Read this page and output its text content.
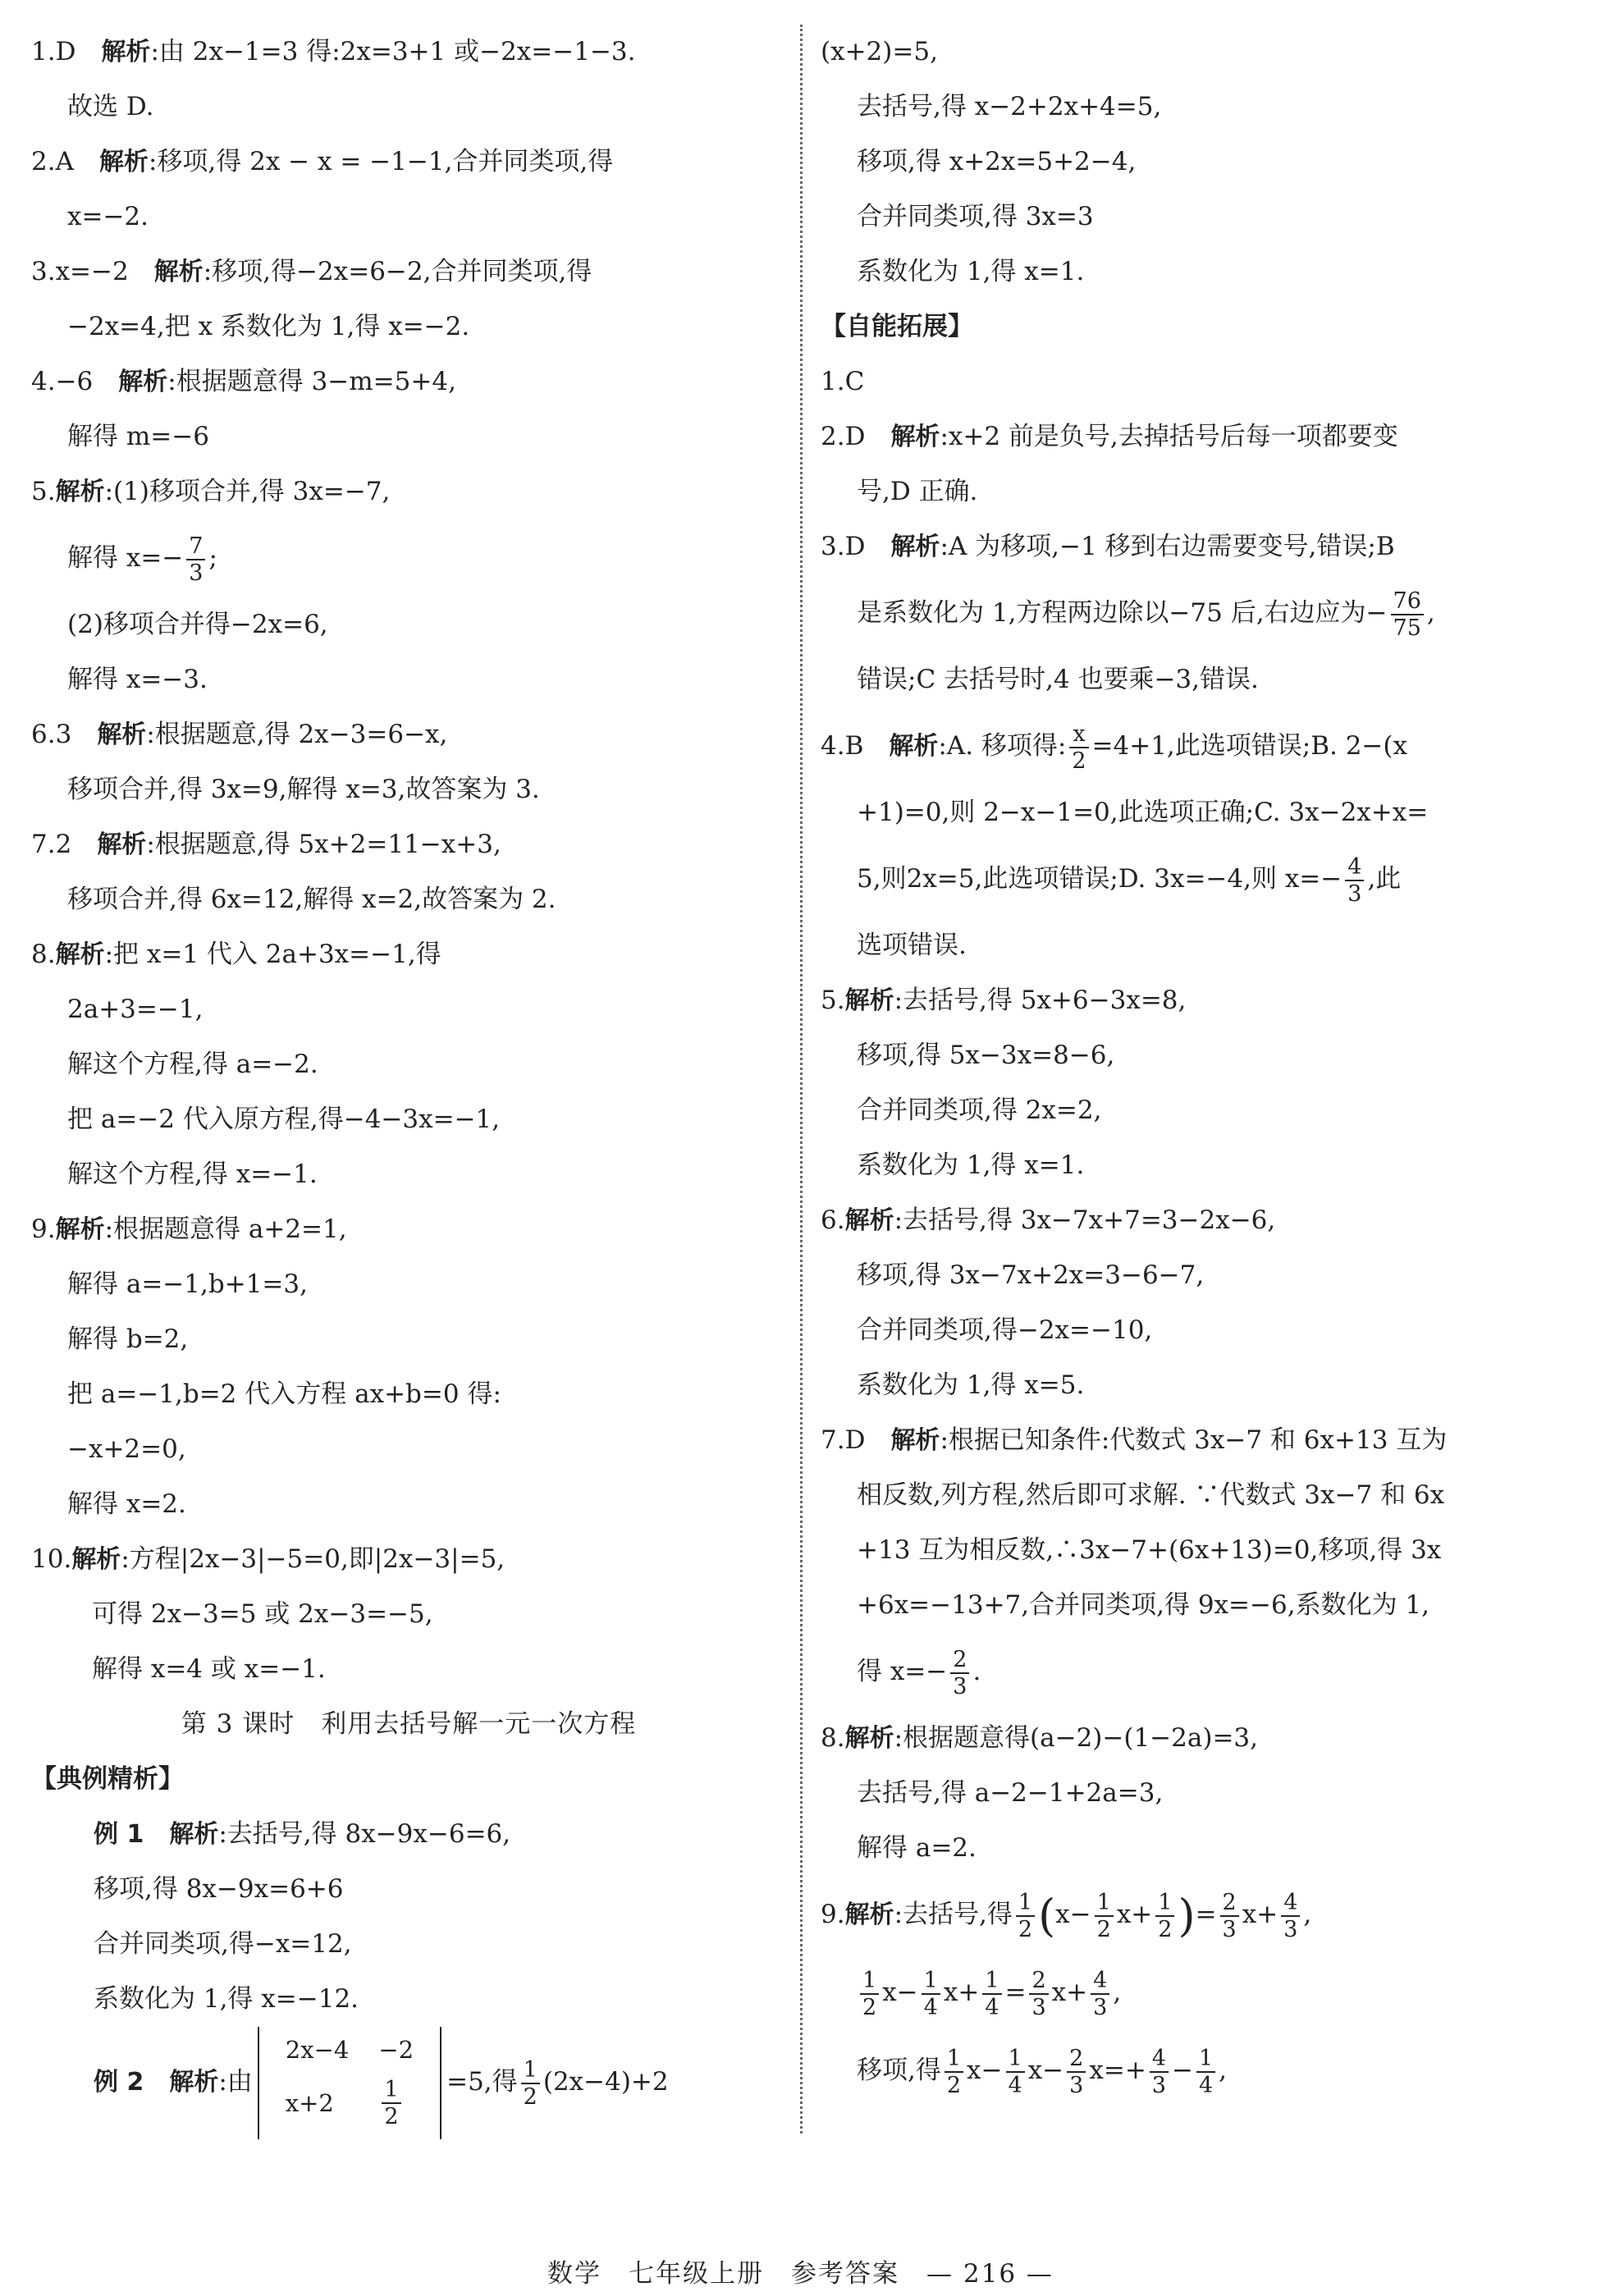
1.D　 解析:由 2x−1=3 得:2x=3+1 或−2x=−1−3.
故选 D.
2.A　 解析:移项,得 2x − x = −1−1,合并同类项,得
x=−2.
3.x=−2　 解析:移项,得−2x=6−2,合并同类项,得
−2x=4,把 x 系数化为 1,得 x=−2.
4.−6　 解析:根据题意得 3−m=5+4,
解得 m=−6
5.解析:(1)移项合并,得 3x=−7,
解得 $x=- \frac{7}{3}$ ;
(2)移项合并得−2x=6,
解得 x=−3.
6.3　 解析:根据题意,得 2x−3=6−x,
移项合并,得 3x=9,解得 x=3,故答案为 3.
7.2　 解析:根据题意,得 5x+2=11−x+3,
移项合并,得 6x=12,解得 x=2,故答案为 2.
8.解析:把 x=1 代入 2a+3x=−1,得
2a+3=−1,
解这个方程,得 a=−2.
把 a=−2 代入原方程,得−4−3x=−1,
解这个方程,得 x=−1.
9.解析:根据题意得 a+2=1,
解得 a=−1,b+1=3,
解得 b=2,
把 a=−1,b=2 代入方程 ax+b=0 得:
−x+2=0,
解得 x=2.
10.解析:方程|2x−3|−5=0,即|2x−3|=5,
可得 2x−3=5 或 2x−3=−5,
解得 x=4 或 x=−1.
第 3 课时　利用去括号解一元一次方程
【典例精析】
例 1　 解析:去括号,得 8x−9x−6=6,
移项,得 8x−9x=6+6
合并同类项,得−x=12,
系数化为 1,得 x=−12.
例 2　 解析:由
2x−4	−2
x+2	$\frac{1}{2} =5$,得 $\frac{1}{2} (2x-4)+2$
(x+2)=5,
去括号,得 x−2+2x+4=5,
移项,得 x+2x=5+2−4,
合并同类项,得 3x=3
系数化为 1,得 x=1.
【自能拓展】
1.C
2.D　 解析:x+2 前是负号,去掉括号后每一项都要变
号,D 正确.
3.D　 解析:A 为移项,−1 移到右边需要变号,错误;B
是系数化为 1,方程两边除以−75 后,右边应为− $\frac{76}{75}$ ,
错误;C 去括号时,4 也要乘−3,错误.
4.B　 解析:A. 移项得: $\frac{x}{2} =4+1$,此选项错误;B. 2−(x
+1)=0,则 2−x−1=0,此选项正确;C. 3x−2x+x=
5,则2x=5,此选项错误;D. 3x=−4,则 $x=- \frac{4}{3}$ ,此
选项错误.
5.解析:去括号,得 5x+6−3x=8,
移项,得 5x−3x=8−6,
合并同类项,得 2x=2,
系数化为 1,得 x=1.
6.解析:去括号,得 3x−7x+7=3−2x−6,
移项,得 3x−7x+2x=3−6−7,
合并同类项,得−2x=−10,
系数化为 1,得 x=5.
7.D　 解析:根据已知条件:代数式 3x−7 和 6x+13 互为
相反数,列方程,然后即可求解. ∵代数式 3x−7 和 6x
+13 互为相反数,∴3x−7+(6x+13)=0,移项,得 3x
+6x=−13+7,合并同类项,得 9x=−6,系数化为 1,
得 $x=- \frac{2}{3}$ .
8.解析:根据题意得(a−2)−(1−2a)=3,
去括号,得 a−2−1+2a=3,
解得 a=2.
9.解析:去括号,得 $\frac{1}{2} (x- \frac{1}{2} x+ \frac{1}{2}$ )= $\frac{2}{3} x+ \frac{4}{3}$ ,
$\frac{1}{2} x- \frac{1}{4} x+ \frac{1}{4} = \frac{2}{3} x+ \frac{4}{3}$ ,
移项,得 $\frac{1}{2} x- \frac{1}{4} x- \frac{2}{3} x=+ \frac{4}{3} - \frac{1}{4}$ ,
数学　七年级上册　参考答案　— 216 —
